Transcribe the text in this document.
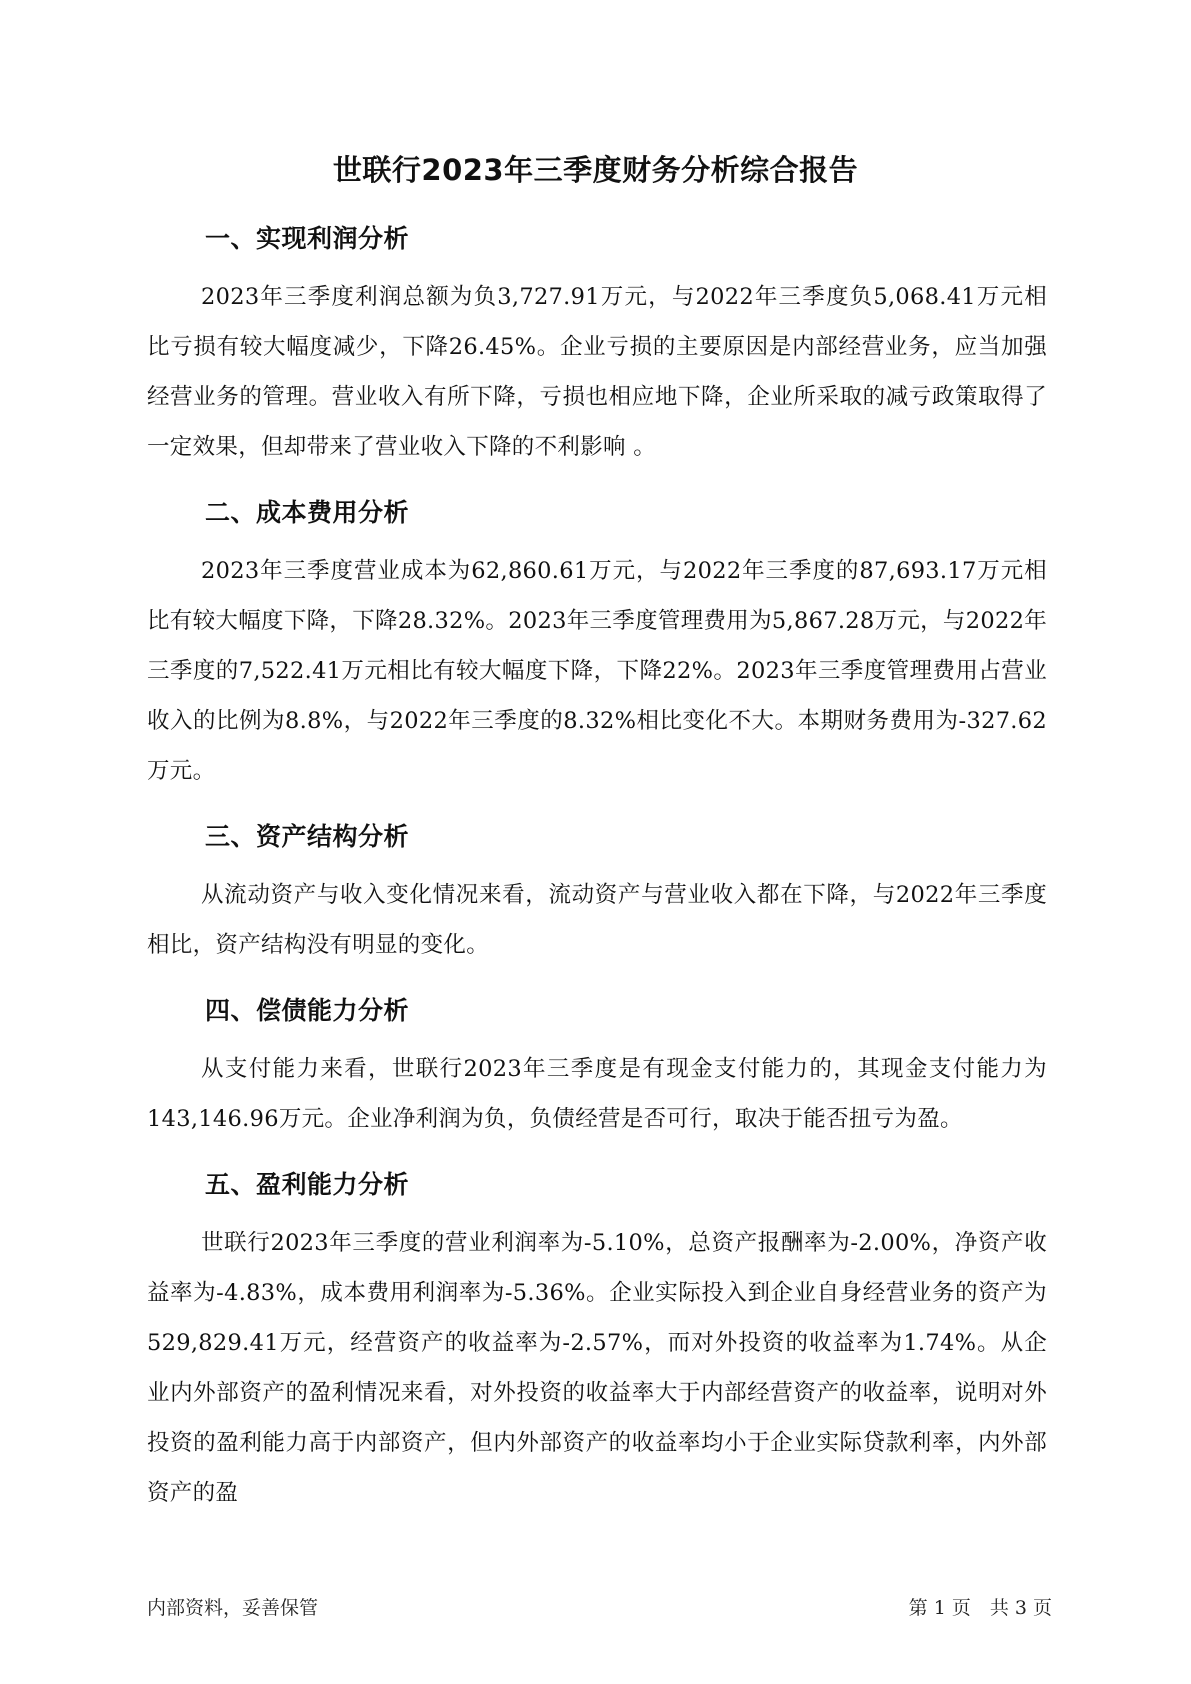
世联行2023年三季度财务分析综合报告
一、实现利润分析

2023年三季度利润总额为负3,727.91万元，与2022年三季度负5,068.41万元相比亏损有较大幅度减少，下降26.45%。企业亏损的主要原因是内部经营业务，应当加强经营业务的管理。营业收入有所下降，亏损也相应地下降，企业所采取的减亏政策取得了一定效果，但却带来了营业收入下降的不利影响 。

二、成本费用分析

2023年三季度营业成本为62,860.61万元，与2022年三季度的87,693.17万元相比有较大幅度下降，下降28.32%。2023年三季度管理费用为5,867.28万元，与2022年三季度的7,522.41万元相比有较大幅度下降，下降22%。2023年三季度管理费用占营业收入的比例为8.8%，与2022年三季度的8.32%相比变化不大。本期财务费用为-327.62万元。

三、资产结构分析

从流动资产与收入变化情况来看，流动资产与营业收入都在下降，与2022年三季度相比，资产结构没有明显的变化。

四、偿债能力分析

从支付能力来看，世联行2023年三季度是有现金支付能力的，其现金支付能力为143,146.96万元。企业净利润为负，负债经营是否可行，取决于能否扭亏为盈。

五、盈利能力分析

世联行2023年三季度的营业利润率为-5.10%，总资产报酬率为-2.00%，净资产收益率为-4.83%，成本费用利润率为-5.36%。企业实际投入到企业自身经营业务的资产为529,829.41万元，经营资产的收益率为-2.57%，而对外投资的收益率为1.74%。从企业内外部资产的盈利情况来看，对外投资的收益率大于内部经营资产的收益率，说明对外投资的盈利能力高于内部资产，但内外部资产的收益率均小于企业实际贷款利率，内外部资产的盈

内部资料，妥善保管	第 1 页　共 3 页
